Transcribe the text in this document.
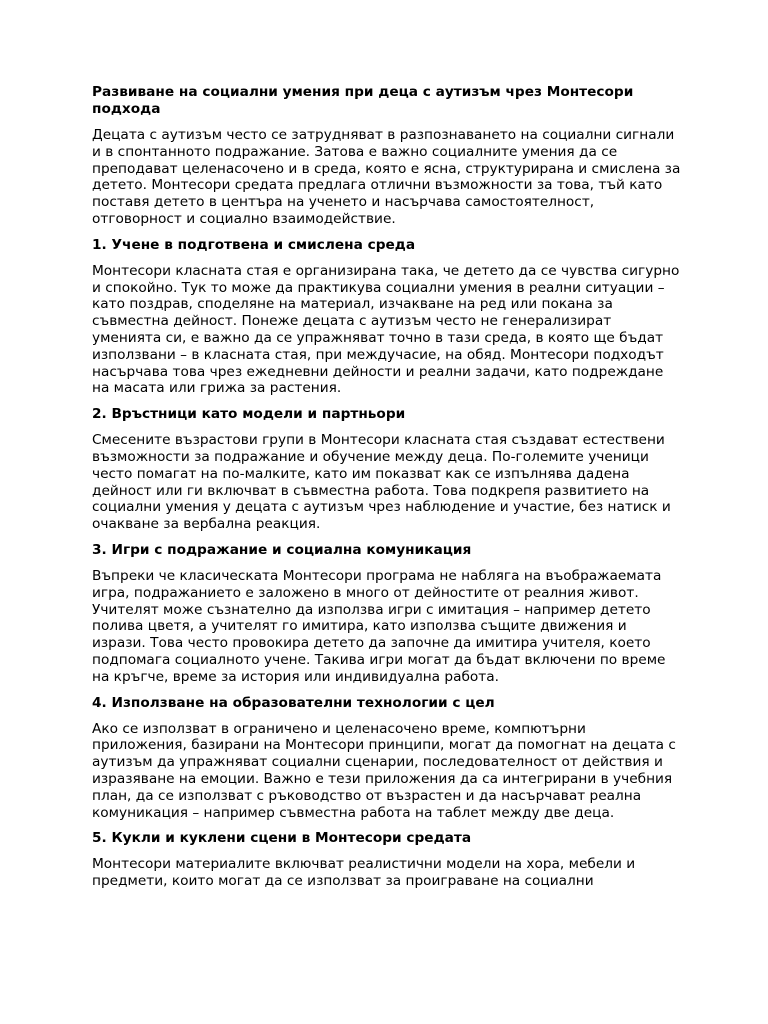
Развиване на социални умения при деца с аутизъм чрез Монтесори подхода

Децата с аутизъм често се затрудняват в разпознаването на социални сигнали и в спонтанното подражание. Затова е важно социалните умения да се преподават целенасочено и в среда, която е ясна, структурирана и смислена за детето. Монтесори средата предлага отлични възможности за това, тъй като поставя детето в центъра на ученето и насърчава самостоятелност, отговорност и социално взаимодействие.

1. Учене в подготвена и смислена среда

Монтесори класната стая е организирана така, че детето да се чувства сигурно и спокойно. Тук то може да практикува социални умения в реални ситуации – като поздрав, споделяне на материал, изчакване на ред или покана за съвместна дейност. Понеже децата с аутизъм често не генерализират уменията си, е важно да се упражняват точно в тази среда, в която ще бъдат използвани – в класната стая, при междучасие, на обяд. Монтесори подходът насърчава това чрез ежедневни дейности и реални задачи, като подреждане на масата или грижа за растения.

2. Връстници като модели и партньори

Смесените възрастови групи в Монтесори класната стая създават естествени възможности за подражание и обучение между деца. По-големите ученици често помагат на по-малките, като им показват как се изпълнява дадена дейност или ги включват в съвместна работа. Това подкрепя развитието на социални умения у децата с аутизъм чрез наблюдение и участие, без натиск и очакване за вербална реакция.

3. Игри с подражание и социална комуникация

Въпреки че класическата Монтесори програма не набляга на въображаемата игра, подражанието е заложено в много от дейностите от реалния живот. Учителят може съзнателно да използва игри с имитация – например детето полива цветя, а учителят го имитира, като използва същите движения и изрази. Това често провокира детето да започне да имитира учителя, което подпомага социалното учене. Такива игри могат да бъдат включени по време на кръгче, време за история или индивидуална работа.

4. Използване на образователни технологии с цел

Ако се използват в ограничено и целенасочено време, компютърни приложения, базирани на Монтесори принципи, могат да помогнат на децата с аутизъм да упражняват социални сценарии, последователност от действия и изразяване на емоции. Важно е тези приложения да са интегрирани в учебния план, да се използват с ръководство от възрастен и да насърчават реална комуникация – например съвместна работа на таблет между две деца.

5. Кукли и куклени сцени в Монтесори средата

Монтесори материалите включват реалистични модели на хора, мебели и предмети, които могат да се използват за проиграване на социални
